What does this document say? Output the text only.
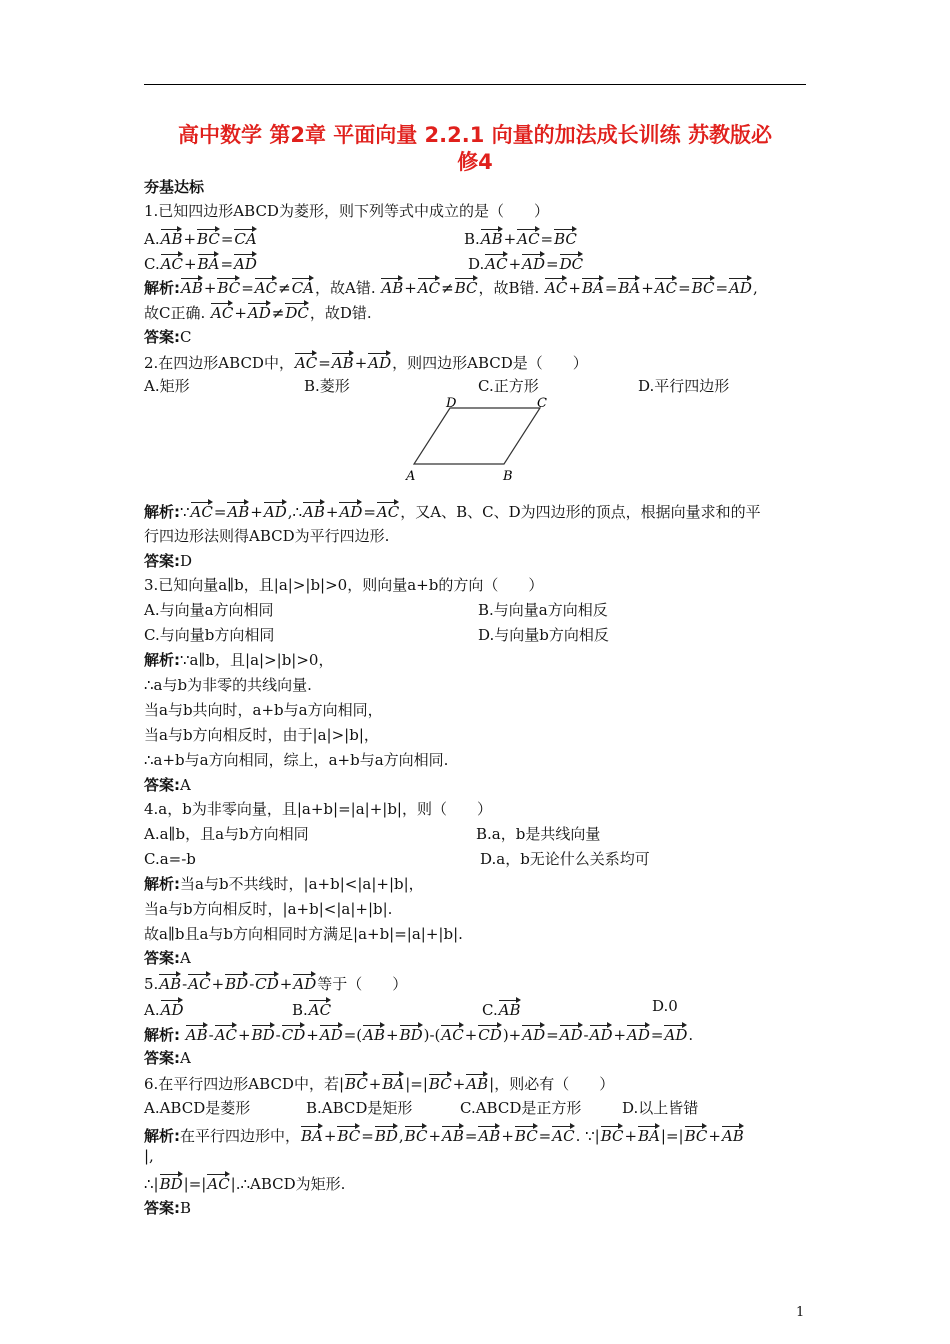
高中数学 第2章 平面向量 2.2.1 向量的加法成长训练 苏教版必
修4
夯基达标
1.已知四边形ABCD为菱形，则下列等式中成立的是（　　）
A.AB+BC=CA	B.AB+AC=BC
C.AC+BA=AD	D.AC+AD=DC
解析:AB+BC=AC≠CA，故A错. AB+AC≠BC，故B错. AC+BA=BA+AC=BC=AD,
故C正确. AC+AD≠DC，故D错.
答案:C
2.在四边形ABCD中，AC=AB+AD，则四边形ABCD是（　　）
A.矩形	B.菱形	C.正方形	D.平行四边形
A	B
C
D
解析:∵AC=AB+AD,∴AB+AD=AC，又A、B、C、D为四边形的顶点，根据向量求和的平
行四边形法则得ABCD为平行四边形.
答案:D
3.已知向量a∥b，且|a|>|b|>0，则向量a+b的方向（　　）
A.与向量a方向相同	B.与向量a方向相反
C.与向量b方向相同	D.与向量b方向相反
解析:∵a∥b，且|a|>|b|>0，
∴a与b为非零的共线向量.
当a与b共向时，a+b与a方向相同，
当a与b方向相反时，由于|a|>|b|，
∴a+b与a方向相同，综上，a+b与a方向相同.
答案:A
4.a，b为非零向量，且|a+b|=|a|+|b|，则（　　）
A.a∥b，且a与b方向相同	B.a，b是共线向量
C.a=-b	D.a，b无论什么关系均可
解析:当a与b不共线时，|a+b|<|a|+|b|，
当a与b方向相反时，|a+b|<|a|+|b|.
故a∥b且a与b方向相同时方满足|a+b|=|a|+|b|.
答案:A
5.AB-AC+BD-CD+AD等于（　　）
A.AD	B.AC	C.AB	D.0
解析: AB-AC+BD-CD+AD=(AB+BD)-(AC+CD)+AD=AD-AD+AD=AD.
答案:A
6.在平行四边形ABCD中，若|BC+BA|=|BC+AB|，则必有（　　）
A.ABCD是菱形	B.ABCD是矩形	C.ABCD是正方形	D.以上皆错
解析:在平行四边形中，BA+BC=BD,BC+AB=AB+BC=AC. ∵|BC+BA|=|BC+AB
|,
∴|BD|=|AC|.∴ABCD为矩形.
答案:B
1
